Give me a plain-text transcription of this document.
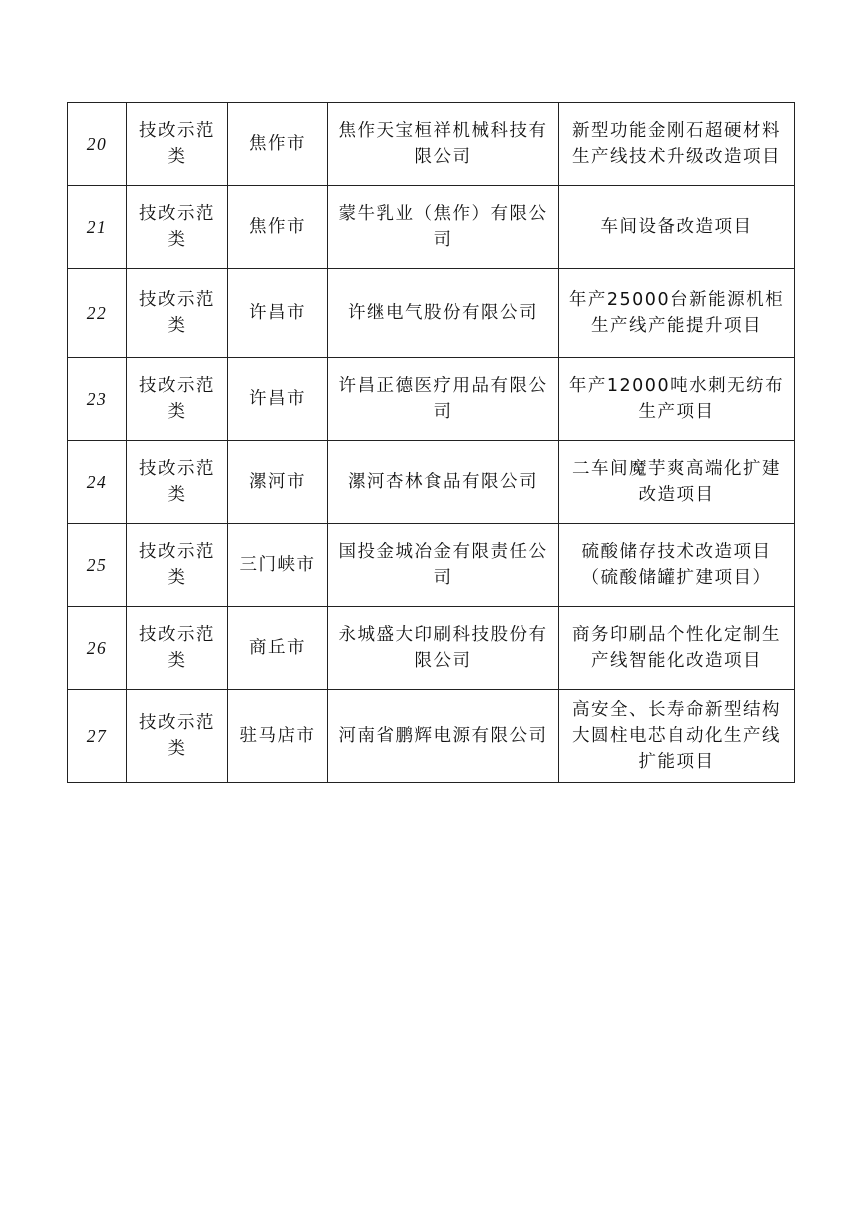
20	技改示范类	焦作市	焦作天宝桓祥机械科技有限公司	新型功能金刚石超硬材料生产线技术升级改造项目
21	技改示范类	焦作市	蒙牛乳业（焦作）有限公司	车间设备改造项目
22	技改示范类	许昌市	许继电气股份有限公司	年产25000台新能源机柜生产线产能提升项目
23	技改示范类	许昌市	许昌正德医疗用品有限公司	年产12000吨水刺无纺布生产项目
24	技改示范类	漯河市	漯河杏林食品有限公司	二车间魔芋爽高端化扩建改造项目
25	技改示范类	三门峡市	国投金城冶金有限责任公司	硫酸储存技术改造项目（硫酸储罐扩建项目）
26	技改示范类	商丘市	永城盛大印刷科技股份有限公司	商务印刷品个性化定制生产线智能化改造项目
27	技改示范类	驻马店市	河南省鹏辉电源有限公司	高安全、长寿命新型结构大圆柱电芯自动化生产线扩能项目
